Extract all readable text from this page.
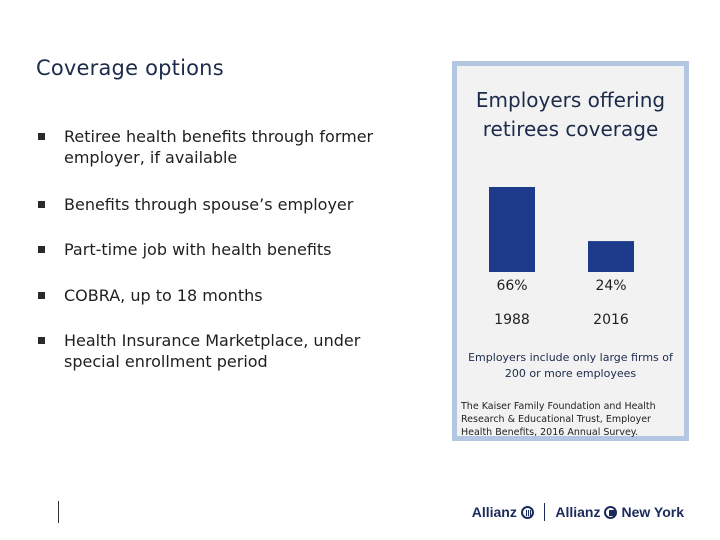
Coverage options
Retiree health benefits through former employer, if available
Benefits through spouse’s employer
Part-time job with health benefits
COBRA, up to 18 months
Health Insurance Marketplace, under special enrollment period
Employers offering retirees coverage
66%
1988
24%
2016
Employers include only large firms of 200 or more employees
The Kaiser Family Foundation and Health Research & Educational Trust, Employer Health Benefits, 2016 Annual Survey.
Allianz	Allianz New York
